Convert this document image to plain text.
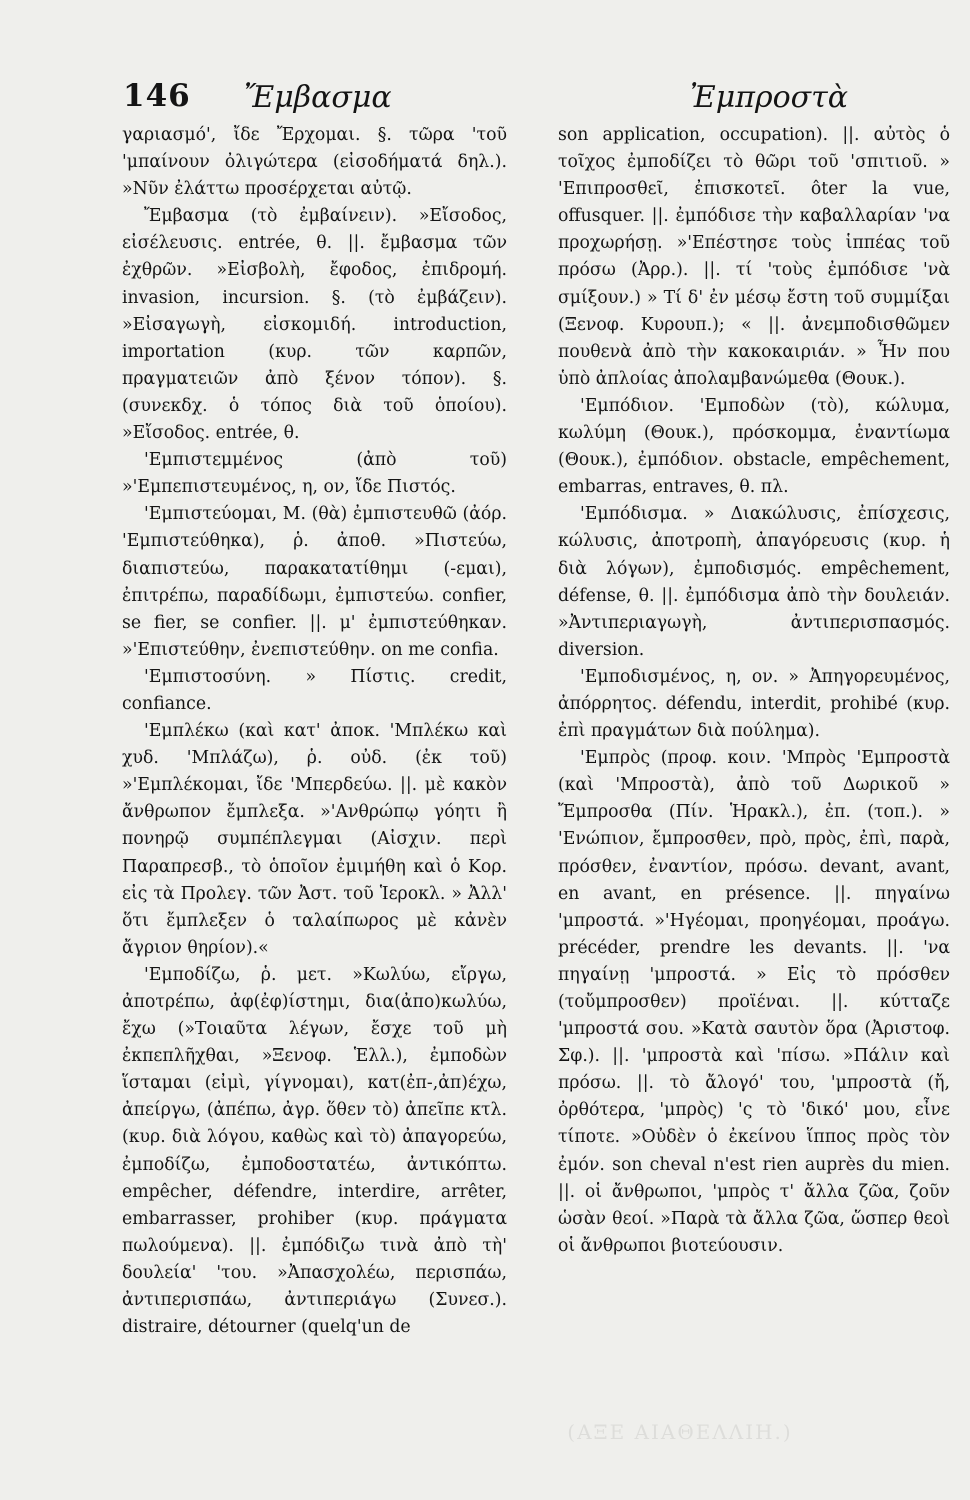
146 Ἔμβασμα	Ἐμπροστὰ

γαριασμό', ἴδε Ἔρχομαι. §. τῶρα 'τοῦ 'μπαίνουν ὀλιγώτερα (εἰσοδήματά δηλ.). »Νῦν ἐλάττω προσέρχεται αὐτῷ.

Ἔμβασμα (τὸ ἐμβαίνειν). »Εἴσοδος, εἰσέλευσις. entrée, θ. ||. ἔμβασμα τῶν ἐχθρῶν. »Εἰσβολὴ, ἔφοδος, ἐπιδρομή. invasion, incursion. §. (τὸ ἐμβάζειν). »Εἰσαγωγὴ, εἰσκομιδή. introduction, importation (κυρ. τῶν καρπῶν, πραγματειῶν ἀπὸ ξένον τόπον). §. (συνεκδχ. ὁ τόπος διὰ τοῦ ὁποίου). »Εἴσοδος. entrée, θ.

'Εμπιστεμμένος (ἀπὸ τοῦ) »'Εμπεπιστευμένος, η, ον, ἴδε Πιστός.

'Εμπιστεύομαι, Μ. (θὰ) ἐμπιστευθῶ (ἀόρ. 'Εμπιστεύθηκα), ῥ. ἀποθ. »Πιστεύω, διαπιστεύω, παρακατατίθημι (-εμαι), ἐπιτρέπω, παραδίδωμι, ἐμπιστεύω. confier, se fier, se confier. ||. μ' ἐμπιστεύθηκαν. »'Επιστεύθην, ἐνεπιστεύθην. on me confia.

'Εμπιστοσύνη. » Πίστις. credit, confiance.

'Εμπλέκω (καὶ κατ' ἀποκ. 'Μπλέκω καὶ χυδ. 'Μπλάζω), ῥ. οὐδ. (ἐκ τοῦ) »'Εμπλέκομαι, ἴδε 'Μπερδεύω. ||. μὲ κακὸν ἄνθρωπον ἔμπλεξα. »'Ανθρώπῳ γόητι ἢ πονηρῷ συμπέπλεγμαι (Αἰσχιν. περὶ Παραπρεσβ., τὸ ὁποῖον ἐμιμήθη καὶ ὁ Κορ. εἰς τὰ Προλεγ. τῶν Ἀστ. τοῦ Ἱεροκλ. » Ἀλλ' ὅτι ἔμπλεξεν ὁ ταλαίπωρος μὲ κἀνὲν ἄγριον θηρίον).«

'Εμποδίζω, ῥ. μετ. »Κωλύω, εἴργω, ἀποτρέπω, ἀφ(ἐφ)ίστημι, δια(ἀπο)κωλύω, ἔχω (»Τοιαῦτα λέγων, ἔσχε τοῦ μὴ ἐκπεπλῆχθαι, »Ξενοφ. Ἑλλ.), ἐμποδὼν ἵσταμαι (εἰμὶ, γίγνομαι), κατ(ἐπ-,ἀπ)έχω, ἀπείργω, (ἀπέπω, ἀγρ. ὅθεν τὸ) ἀπεῖπε κτλ. (κυρ. διὰ λόγου, καθὼς καὶ τὸ) ἀπαγορεύω, ἐμποδίζω, ἐμποδοστατέω, ἀντικόπτω. empêcher, défendre, interdire, arrêter, embarrasser, prohiber (κυρ. πράγματα πωλούμενα). ||. ἐμπόδιζω τινὰ ἀπὸ τὴ' δουλεία' 'του. »Ἀπασχολέω, περισπάω, ἀντιπερισπάω, ἀντιπεριάγω (Συνεσ.). distraire, détourner (quelq'un de

son application, occupation). ||. αὐτὸς ὁ τοῖχος ἐμποδίζει τὸ θῶρι τοῦ 'σπιτιοῦ. » 'Επιπροσθεῖ, ἐπισκοτεῖ. ôter la vue, offusquer. ||. ἐμπόδισε τὴν καβαλλαρίαν 'να προχωρήσῃ. »'Επέστησε τοὺς ἱππέας τοῦ πρόσω (Ἀρρ.). ||. τί 'τοὺς ἐμπόδισε 'νὰ σμίξουν.) » Τί δ' ἐν μέσῳ ἔστη τοῦ συμμίξαι (Ξενοφ. Κυρουπ.); « ||. ἀνεμποδισθῶμεν πουθενὰ ἀπὸ τὴν κακοκαιριάν. » Ἦν που ὑπὸ ἀπλοίας ἀπολαμβανώμεθα (Θουκ.).

'Εμπόδιον. 'Εμποδὼν (τὸ), κώλυμα, κωλύμη (Θουκ.), πρόσκομμα, ἐναντίωμα (Θουκ.), ἐμπόδιον. obstacle, empêchement, embarras, entraves, θ. πλ.

'Εμπόδισμα. » Διακώλυσις, ἐπίσχεσις, κώλυσις, ἀποτροπὴ, ἀπαγόρευσις (κυρ. ἡ διὰ λόγων), ἐμποδισμός. empêchement, défense, θ. ||. ἐμπόδισμα ἀπὸ τὴν δουλειάν. »Ἀντιπεριαγωγὴ, ἀντιπερισπασμός. diversion.

'Εμποδισμένος, η, ον. » Ἀπηγορευμένος, ἀπόρρητος. défendu, interdit, prohibé (κυρ. ἐπὶ πραγμάτων διὰ πούλημα).

'Εμπρὸς (προφ. κοιν. 'Μπρὸς 'Εμπροστὰ (καὶ 'Μπροστὰ), ἀπὸ τοῦ Δωρικοῦ » Ἔμπροσθα (Πίν. Ἡρακλ.), ἐπ. (τοπ.). » 'Ενώπιον, ἔμπροσθεν, πρὸ, πρὸς, ἐπὶ, παρὰ, πρόσθεν, ἐναντίον, πρόσω. devant, avant, en avant, en présence. ||. πηγαίνω 'μπροστά. »'Ηγέομαι, προηγέομαι, προάγω. précéder, prendre les devants. ||. 'να πηγαίνῃ 'μπροστά. » Εἰς τὸ πρόσθεν (τοὔμπροσθεν) προϊέναι. ||. κύτταζε 'μπροστά σου. »Κατὰ σαυτὸν ὅρα (Ἀριστοφ. Σφ.). ||. 'μπροστὰ καὶ 'πίσω. »Πάλιν καὶ πρόσω. ||. τὸ ἄλογό' του, 'μπροστὰ (ἤ, ὀρθότερα, 'μπρὸς) 'ς τὸ 'δικό' μου, εἶνε τίποτε. »Οὐδὲν ὁ ἐκείνου ἵππος πρὸς τὸν ἐμόν. son cheval n'est rien auprès du mien. ||. οἱ ἄνθρωποι, 'μπρὸς τ' ἄλλα ζῶα, ζοῦν ὡσὰν θεοί. »Παρὰ τὰ ἄλλα ζῶα, ὥσπερ θεοὶ οἱ ἄνθρωποι βιοτεύουσιν.

(ΑΞΕ ΑΙΑΘΕΛΛΙΗ.)
